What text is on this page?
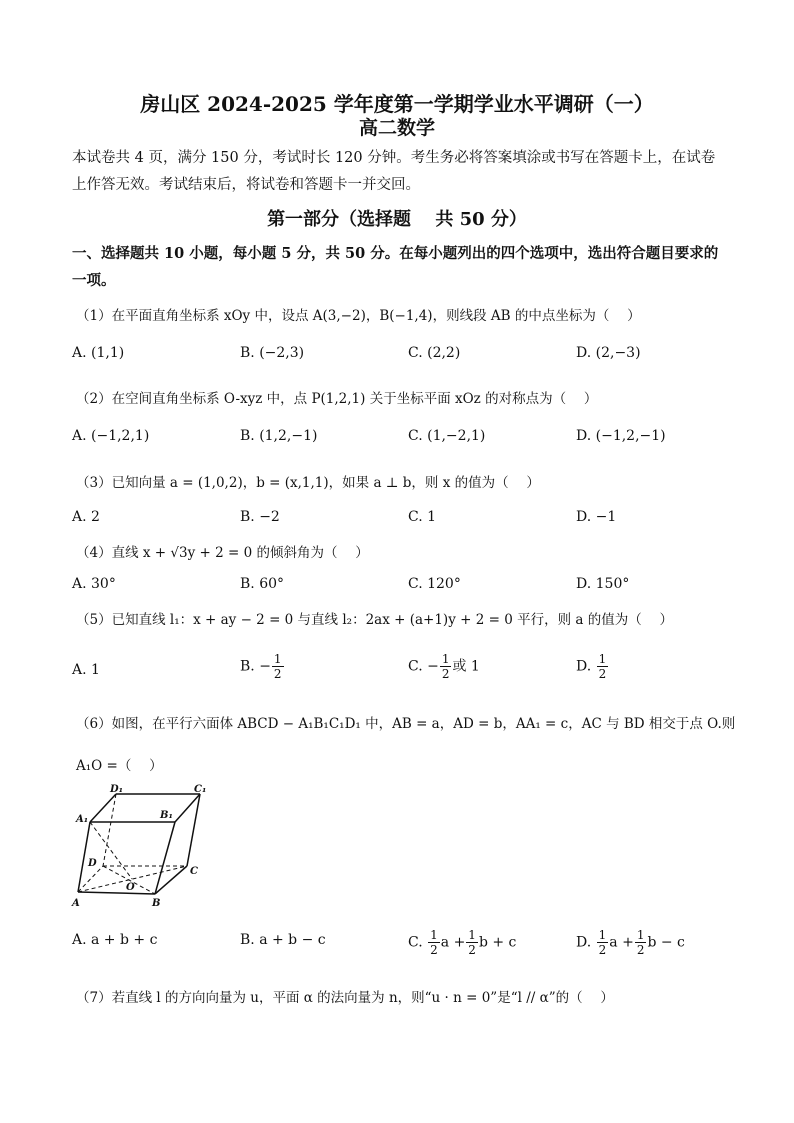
房山区 2024-2025 学年度第一学期学业水平调研（一）
高二数学
本试卷共 4 页，满分 150 分，考试时长 120 分钟。考生务必将答案填涂或书写在答题卡上，在试卷上作答无效。考试结束后，将试卷和答题卡一并交回。
第一部分（选择题　 共 50 分）
一、选择题共 10 小题，每小题 5 分，共 50 分。在每小题列出的四个选项中，选出符合题目要求的一项。
（1）在平面直角坐标系 xOy 中，设点 A(3,−2)，B(−1,4)，则线段 AB 的中点坐标为（　 ）
A. (1,1)	B. (−2,3)	C. (2,2)	D. (2,−3)
（2）在空间直角坐标系 O-xyz 中，点 P(1,2,1) 关于坐标平面 xOz 的对称点为（　 ）
A. (−1,2,1)	B. (1,2,−1)	C. (1,−2,1)	D. (−1,2,−1)
（3）已知向量 a = (1,0,2)，b = (x,1,1)，如果 a ⊥ b，则 x 的值为（　 ）
A. 2	B. −2	C. 1	D. −1
（4）直线 x + √3y + 2 = 0 的倾斜角为（　 ）
A. 30°	B. 60°	C. 120°	D. 150°
（5）已知直线 l₁：x + ay − 2 = 0 与直线 l₂：2ax + (a+1)y + 2 = 0 平行，则 a 的值为（　 ）
A. 1	B. − $\frac{1}{2}$	C. − $\frac{1}{2}$ 或 1	D. $\frac{1}{2}$
（6）如图，在平行六面体 ABCD − A₁B₁C₁D₁ 中，AB = a，AD = b，AA₁ = c，AC 与 BD 相交于点 O.则
A₁O =（　 ）
D₁	C₁
A₁	B₁
D
C
O
A	B
A. a + b + c	B. a + b − c	C. $\frac{1}{2}$ $a + \frac{1}{2}$ b + c	D. $\frac{1}{2}$ $a + \frac{1}{2}$ b − c
（7）若直线 l 的方向向量为 u，平面 α 的法向量为 n，则“u · n = 0”是“l // α”的（　 ）
